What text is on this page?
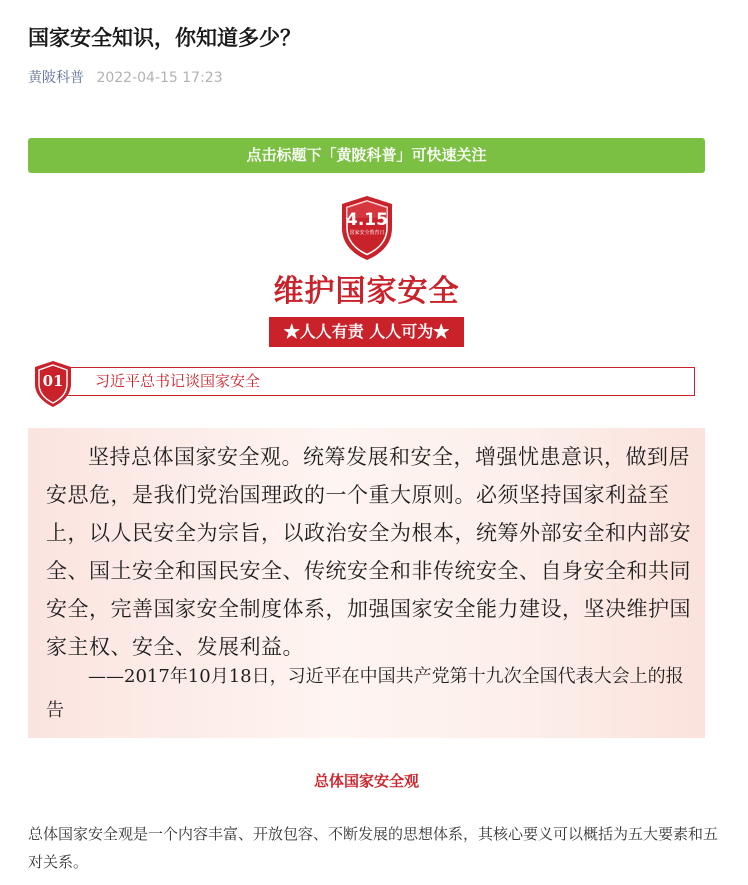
国家安全知识，你知道多少？
黄陂科普 2022-04-15 17:23
点击标题下「黄陂科普」可快速关注
4.15
国家安全教育日
维护国家安全
★人人有责 人人可为★
习近平总书记谈国家安全
01

坚持总体国家安全观。统筹发展和安全，增强忧患意识，做到居安思危，是我们党治国理政的一个重大原则。必须坚持国家利益至上，以人民安全为宗旨，以政治安全为根本，统筹外部安全和内部安全、国土安全和国民安全、传统安全和非传统安全、自身安全和共同安全，完善国家安全制度体系，加强国家安全能力建设，坚决维护国家主权、安全、发展利益。

——2017年10月18日，习近平在中国共产党第十九次全国代表大会上的报告

总体国家安全观

总体国家安全观是一个内容丰富、开放包容、不断发展的思想体系，其核心要义可以概括为五大要素和五对关系。
